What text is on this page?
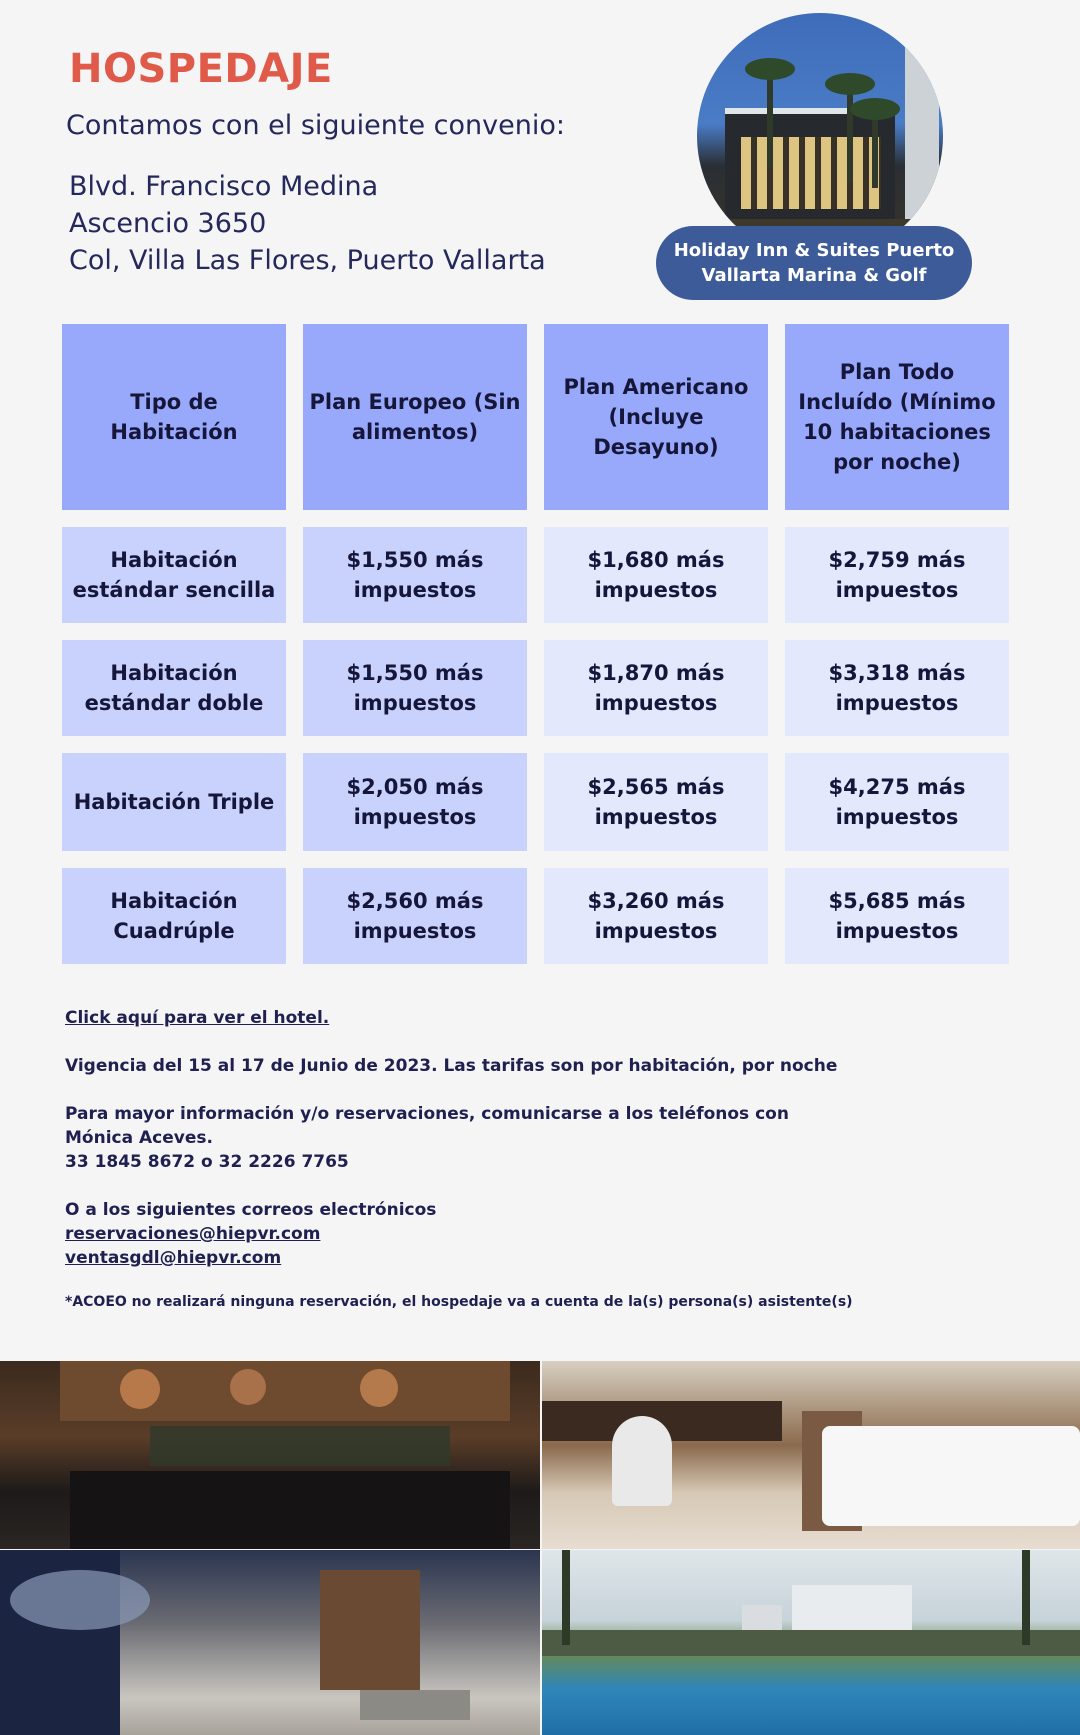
HOSPEDAJE
Contamos con el siguiente convenio:
Blvd. Francisco Medina
Ascencio 3650
Col, Villa Las Flores, Puerto Vallarta	Holiday Inn & Suites Puerto
Vallarta Marina & Golf
Tipo de Habitación
Plan Europeo (Sin alimentos)
Plan Americano (Incluye Desayuno)
Plan Todo Incluído (Mínimo 10 habitaciones por noche)
Habitación estándar sencilla
$1,550 más impuestos
$1,680 más impuestos
$2,759 más impuestos
Habitación estándar doble
$1,550 más impuestos
$1,870 más impuestos
$3,318 más impuestos
Habitación Triple
$2,050 más impuestos
$2,565 más impuestos
$4,275 más impuestos
Habitación Cuadrúple
$2,560 más impuestos
$3,260 más impuestos
$5,685 más impuestos
Click aquí para ver el hotel.
Vigencia del 15 al 17 de Junio de 2023. Las tarifas son por habitación, por noche
Para mayor información y/o reservaciones, comunicarse a los teléfonos con
Mónica Aceves.
33 1845 8672 o 32 2226 7765
O a los siguientes correos electrónicos
reservaciones@hiepvr.com
ventasgdl@hiepvr.com
*ACOEO no realizará ninguna reservación, el hospedaje va a cuenta de la(s) persona(s) asistente(s)
